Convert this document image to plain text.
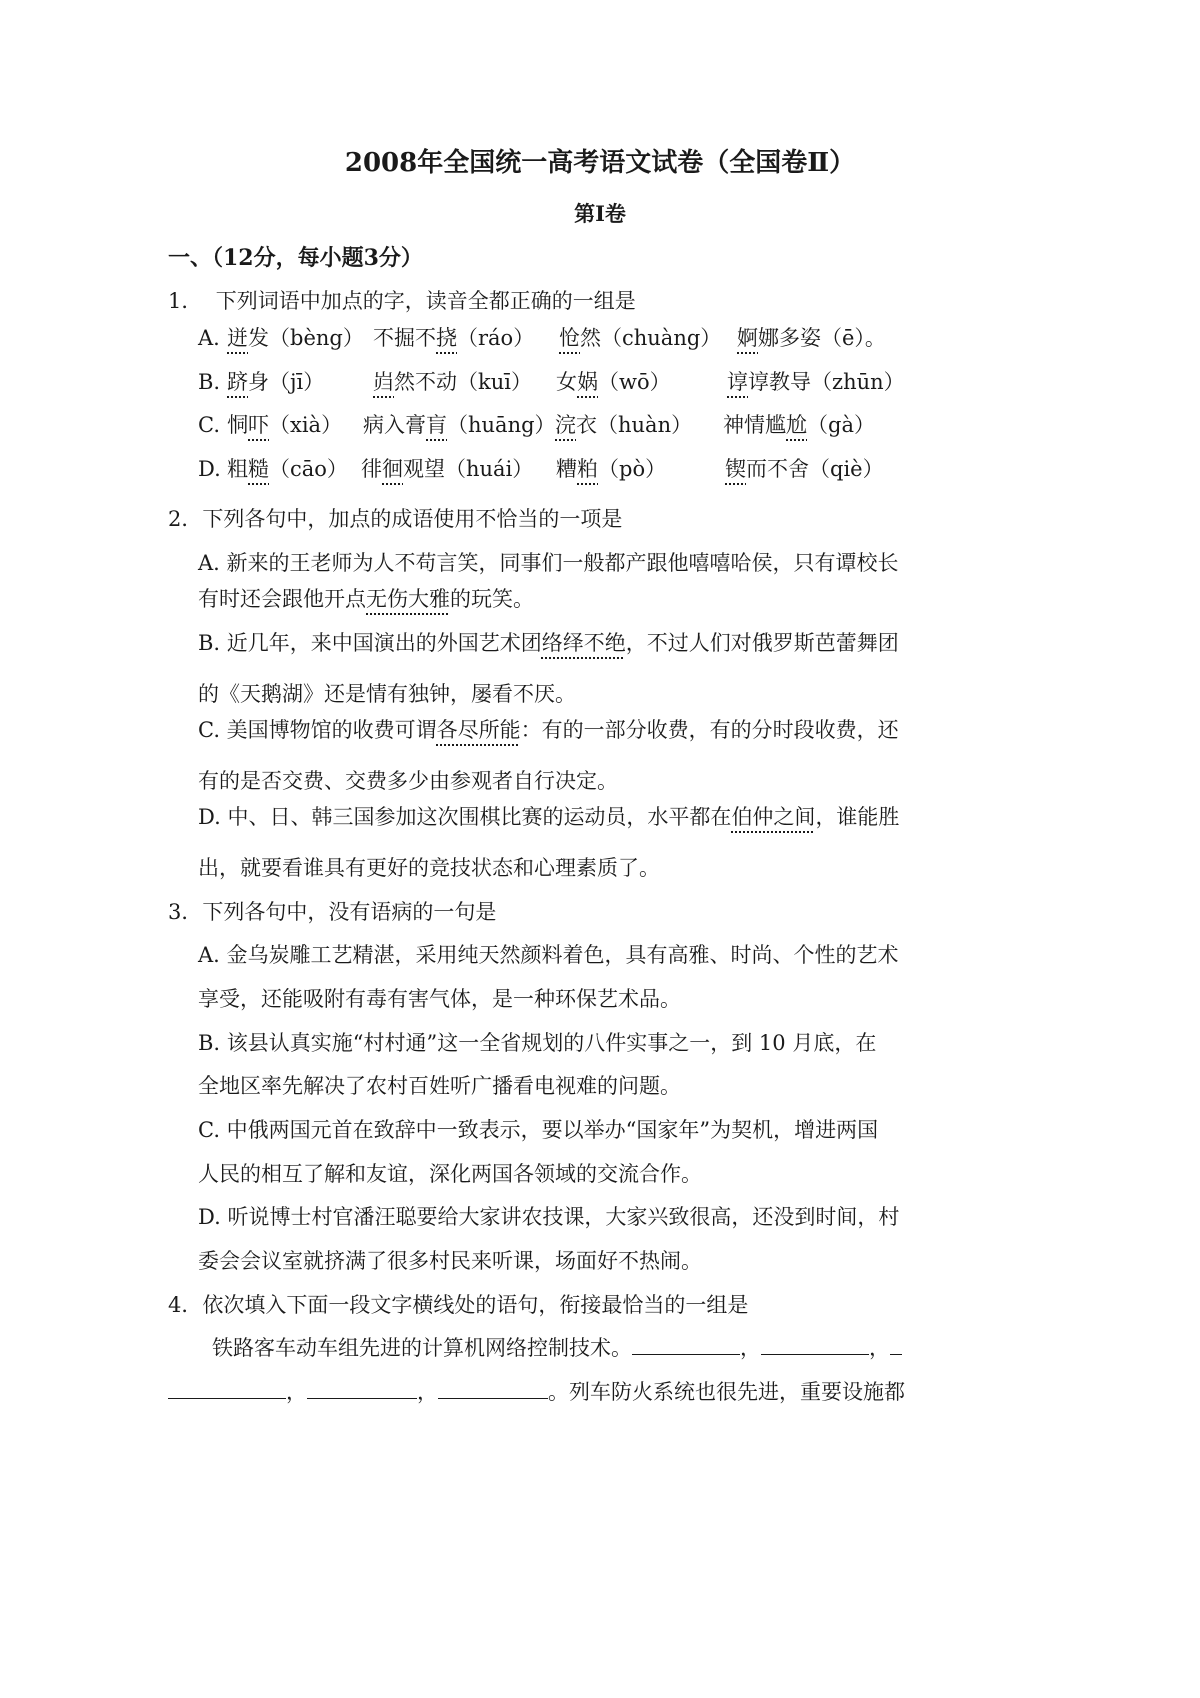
2008年全国统一高考语文试卷（全国卷Ⅱ）
第I卷
一、（12分，每小题3分）
1．  下列词语中加点的字，读音全都正确的一组是
A. 迸发（bèng） 不掘不挠（ráo） 怆然（chuàng） 婀娜多姿（ē）。
B. 跻身（jī） 岿然不动（kuī） 女娲（wō）	谆谆教导（zhūn）
C. 恫吓（xià） 病入膏肓（huāng） 浣衣（huàn） 神情尴尬（gà）
D. 粗糙（cāo） 徘徊观望（huái） 糟粕（pò）	锲而不舍（qiè）
2．下列各句中，加点的成语使用不恰当的一项是
A. 新来的王老师为人不苟言笑，同事们一般都产跟他嘻嘻哈侯，只有谭校长
有时还会跟他开点无伤大雅的玩笑。
B. 近几年，来中国演出的外国艺术团络绎不绝，不过人们对俄罗斯芭蕾舞团
的《天鹅湖》还是情有独钟，屡看不厌。
C. 美国博物馆的收费可谓各尽所能：有的一部分收费，有的分时段收费，还
有的是否交费、交费多少由参观者自行决定。
D. 中、日、韩三国参加这次围棋比赛的运动员，水平都在伯仲之间，谁能胜
出，就要看谁具有更好的竞技状态和心理素质了。
3．下列各句中，没有语病的一句是
A. 金乌炭雕工艺精湛，采用纯天然颜料着色，具有高雅、时尚、个性的艺术
享受，还能吸附有毒有害气体，是一种环保艺术品。
B. 该县认真实施“村村通”这一全省规划的八件实事之一，到 10 月底，在
全地区率先解决了农村百姓听广播看电视难的问题。
C. 中俄两国元首在致辞中一致表示，要以举办“国家年”为契机，增进两国
人民的相互了解和友谊，深化两国各领域的交流合作。
D. 听说博士村官潘汪聪要给大家讲农技课，大家兴致很高，还没到时间，村
委会会议室就挤满了很多村民来听课，场面好不热闹。
4．依次填入下面一段文字横线处的语句，衔接最恰当的一组是
铁路客车动车组先进的计算机网络控制技术。	，	，
，	，	。列车防火系统也很先进，重要设施都
